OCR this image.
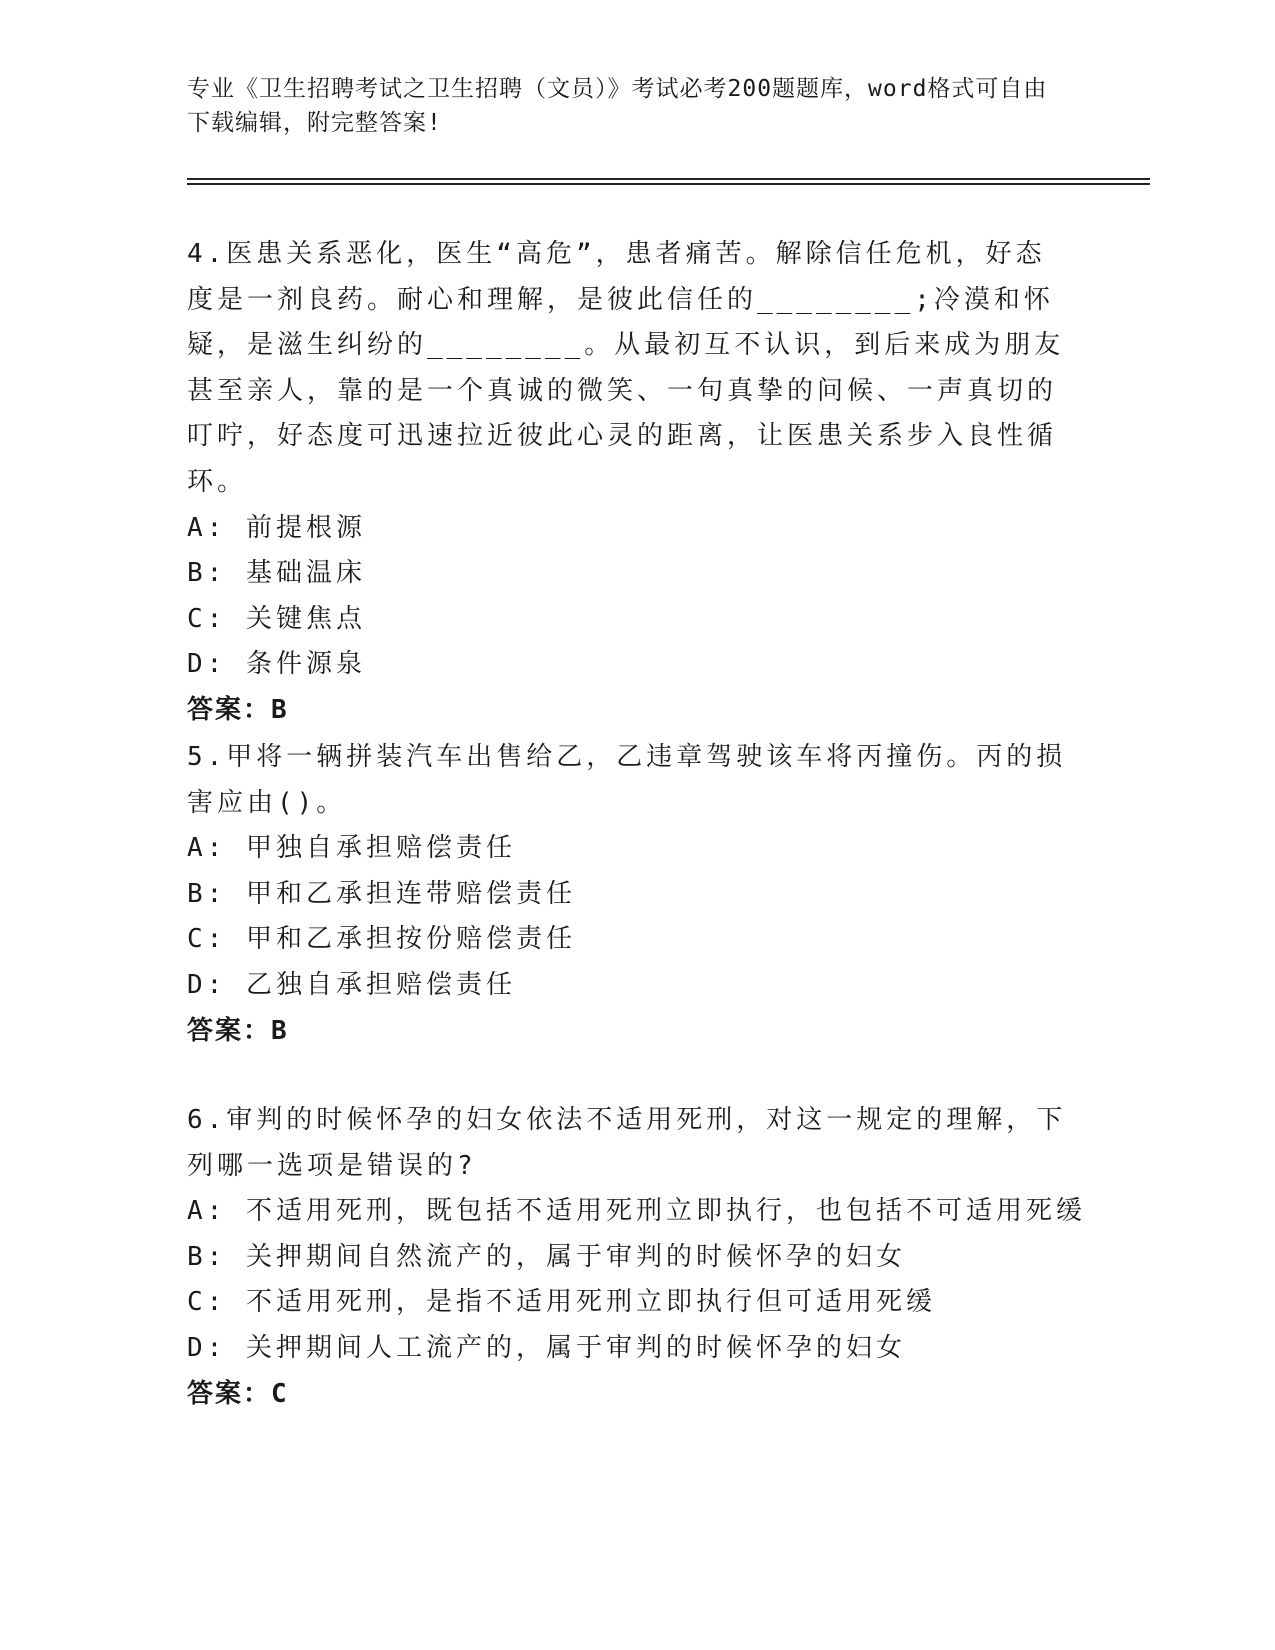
专业《卫生招聘考试之卫生招聘（文员）》考试必考200题题库，word格式可自由下载编辑，附完整答案!

4.医患关系恶化，医生“高危”，患者痛苦。解除信任危机，好态度是一剂良药。耐心和理解，是彼此信任的________;冷漠和怀疑，是滋生纠纷的________。从最初互不认识，到后来成为朋友甚至亲人，靠的是一个真诚的微笑、一句真挚的问候、一声真切的叮咛，好态度可迅速拉近彼此心灵的距离，让医患关系步入良性循环。

A: 前提根源
B: 基础温床
C: 关键焦点
D: 条件源泉
答案：B

5.甲将一辆拼装汽车出售给乙，乙违章驾驶该车将丙撞伤。丙的损害应由()。

A: 甲独自承担赔偿责任
B: 甲和乙承担连带赔偿责任
C: 甲和乙承担按份赔偿责任
D: 乙独自承担赔偿责任
答案：B

6.审判的时候怀孕的妇女依法不适用死刑，对这一规定的理解，下列哪一选项是错误的?

A: 不适用死刑，既包括不适用死刑立即执行，也包括不可适用死缓
B: 关押期间自然流产的，属于审判的时候怀孕的妇女
C: 不适用死刑，是指不适用死刑立即执行但可适用死缓
D: 关押期间人工流产的，属于审判的时候怀孕的妇女
答案：C
